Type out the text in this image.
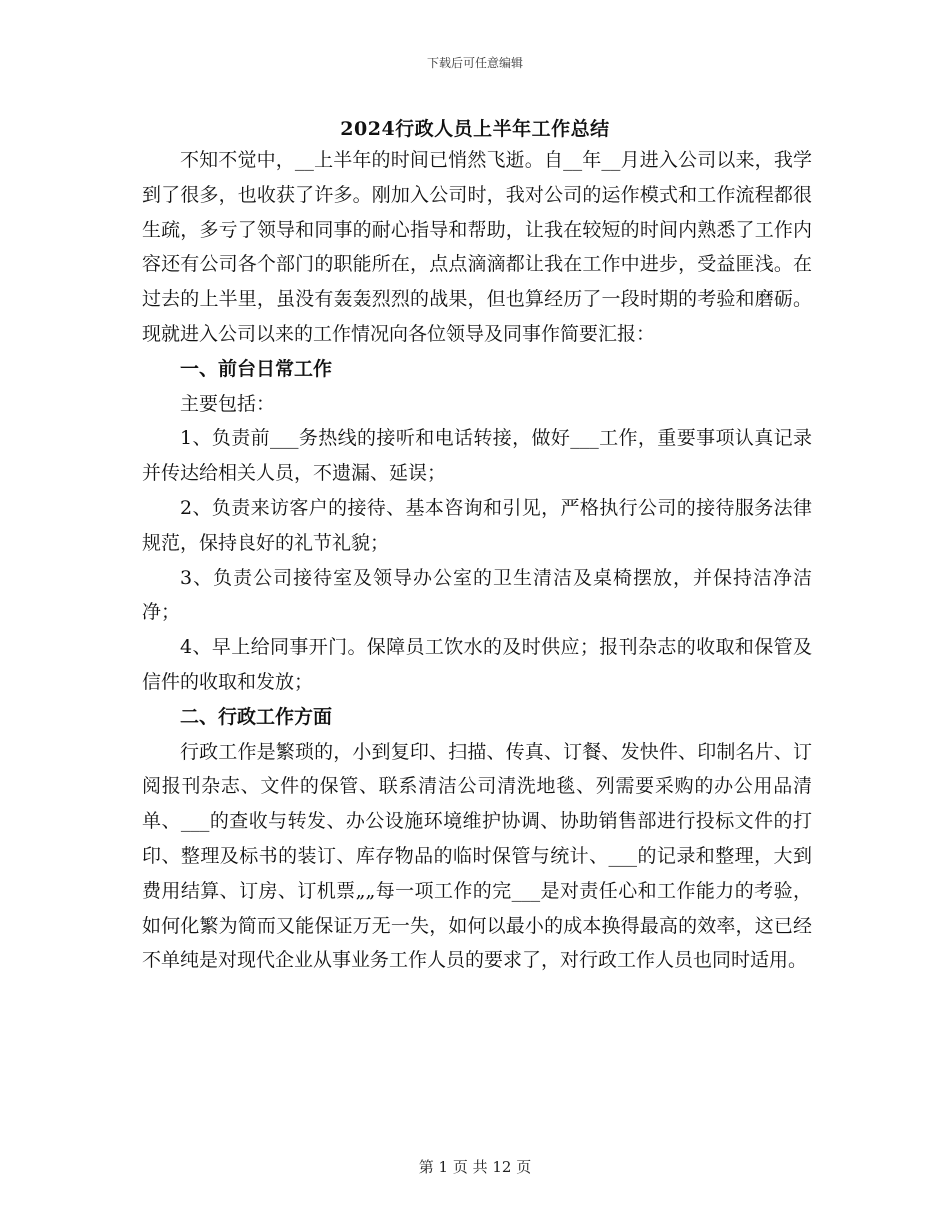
下载后可任意编辑
2024行政人员上半年工作总结

不知不觉中，__上半年的时间已悄然飞逝。自__年__月进入公司以来，我学到了很多，也收获了许多。刚加入公司时，我对公司的运作模式和工作流程都很生疏，多亏了领导和同事的耐心指导和帮助，让我在较短的时间内熟悉了工作内容还有公司各个部门的职能所在，点点滴滴都让我在工作中进步，受益匪浅。在过去的上半里，虽没有轰轰烈烈的战果，但也算经历了一段时期的考验和磨砺。现就进入公司以来的工作情况向各位领导及同事作简要汇报：

一、前台日常工作

主要包括：

1、负责前___务热线的接听和电话转接，做好___工作，重要事项认真记录并传达给相关人员，不遗漏、延误；

2、负责来访客户的接待、基本咨询和引见，严格执行公司的接待服务法律规范，保持良好的礼节礼貌；

3、负责公司接待室及领导办公室的卫生清洁及桌椅摆放，并保持洁净洁净；

4、早上给同事开门。保障员工饮水的及时供应；报刊杂志的收取和保管及信件的收取和发放；

二、行政工作方面

行政工作是繁琐的，小到复印、扫描、传真、订餐、发快件、印制名片、订阅报刊杂志、文件的保管、联系清洁公司清洗地毯、列需要采购的办公用品清单、___的查收与转发、办公设施环境维护协调、协助销售部进行投标文件的打印、整理及标书的装订、库存物品的临时保管与统计、___的记录和整理，大到费用结算、订房、订机票„„每一项工作的完___是对责任心和工作能力的考验，如何化繁为简而又能保证万无一失，如何以最小的成本换得最高的效率，这已经不单纯是对现代企业从事业务工作人员的要求了，对行政工作人员也同时适用。

第 1 页 共 12 页
